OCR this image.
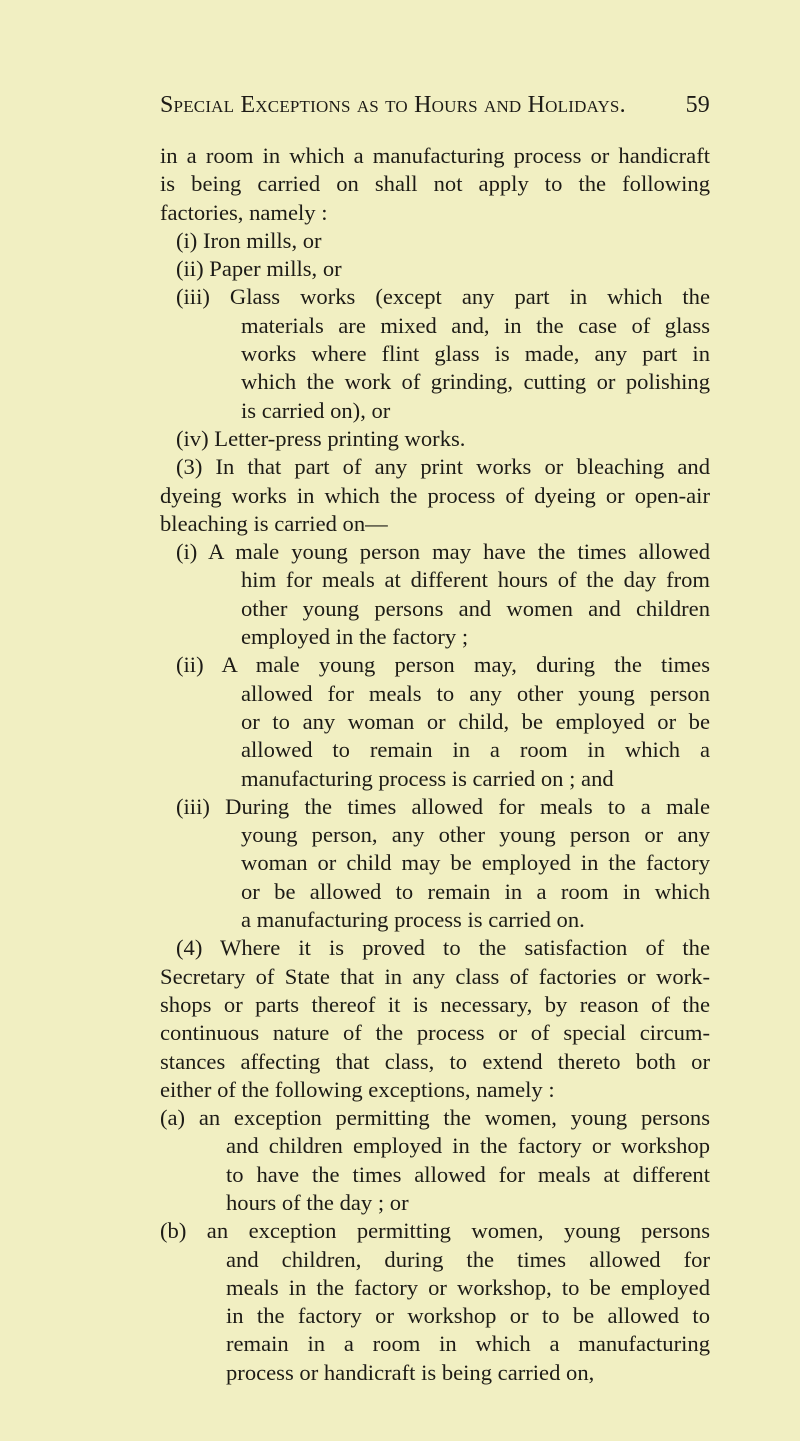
Special Exceptions as to Hours and Holidays. 59
in a room in which a manufacturing process or handicraft
is being carried on shall not apply to the following
factories, namely :
(i) Iron mills, or
(ii) Paper mills, or
(iii) Glass works (except any part in which the
materials are mixed and, in the case of glass
works where flint glass is made, any part in
which the work of grinding, cutting or polishing
is carried on), or
(iv) Letter-press printing works.
(3) In that part of any print works or bleaching and
dyeing works in which the process of dyeing or open-air
bleaching is carried on—
(i) A male young person may have the times allowed
him for meals at different hours of the day from
other young persons and women and children
employed in the factory ;
(ii) A male young person may, during the times
allowed for meals to any other young person
or to any woman or child, be employed or be
allowed to remain in a room in which a
manufacturing process is carried on ; and
(iii) During the times allowed for meals to a male
young person, any other young person or any
woman or child may be employed in the factory
or be allowed to remain in a room in which
a manufacturing process is carried on.
(4) Where it is proved to the satisfaction of the
Secretary of State that in any class of factories or work-
shops or parts thereof it is necessary, by reason of the
continuous nature of the process or of special circum-
stances affecting that class, to extend thereto both or
either of the following exceptions, namely :
(a) an exception permitting the women, young persons
and children employed in the factory or workshop
to have the times allowed for meals at different
hours of the day ; or
(b) an exception permitting women, young persons
and children, during the times allowed for
meals in the factory or workshop, to be employed
in the factory or workshop or to be allowed to
remain in a room in which a manufacturing
process or handicraft is being carried on,
